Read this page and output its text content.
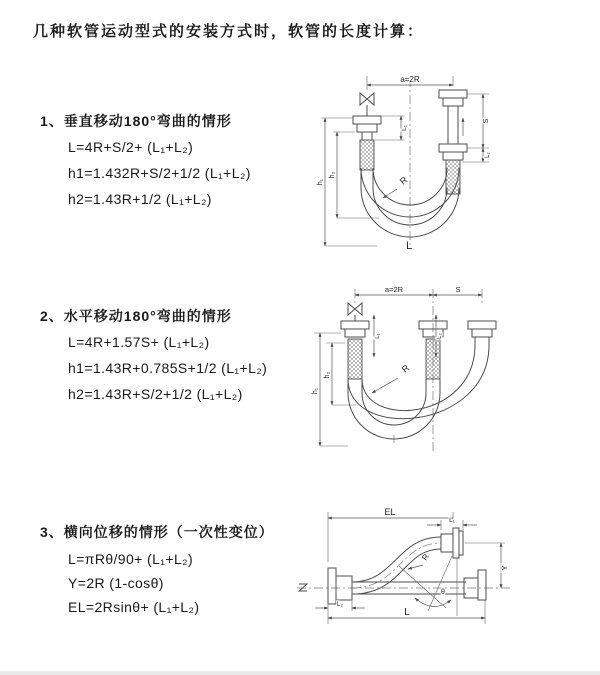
几种软管运动型式的安装方式时，软管的长度计算：
1、垂直移动180°弯曲的情形
L=4R+S/2+ (L₁+L₂)
h1=1.432R+S/2+1/2 (L₁+L₂)
h2=1.43R+1/2 (L₁+L₂)
a=2R
L₁
S
L₂
h₁
h₂	R
L
2、水平移动180°弯曲的情形
L=4R+1.57S+ (L₁+L₂)
h1=1.43R+0.785S+1/2 (L₁+L₂)
h2=1.43R+S/2+1/2 (L₁+L₂)
a=2R	S
L₁	L₂
h₁
h₂
R
3、横向位移的情形（一次性变位）
L=πRθ/90+ (L₁+L₂)
Y=2R (1-cosθ)
EL=2Rsinθ+ (L₁+L₂)
EL
L₁
Y
R
θ
L
L₂
